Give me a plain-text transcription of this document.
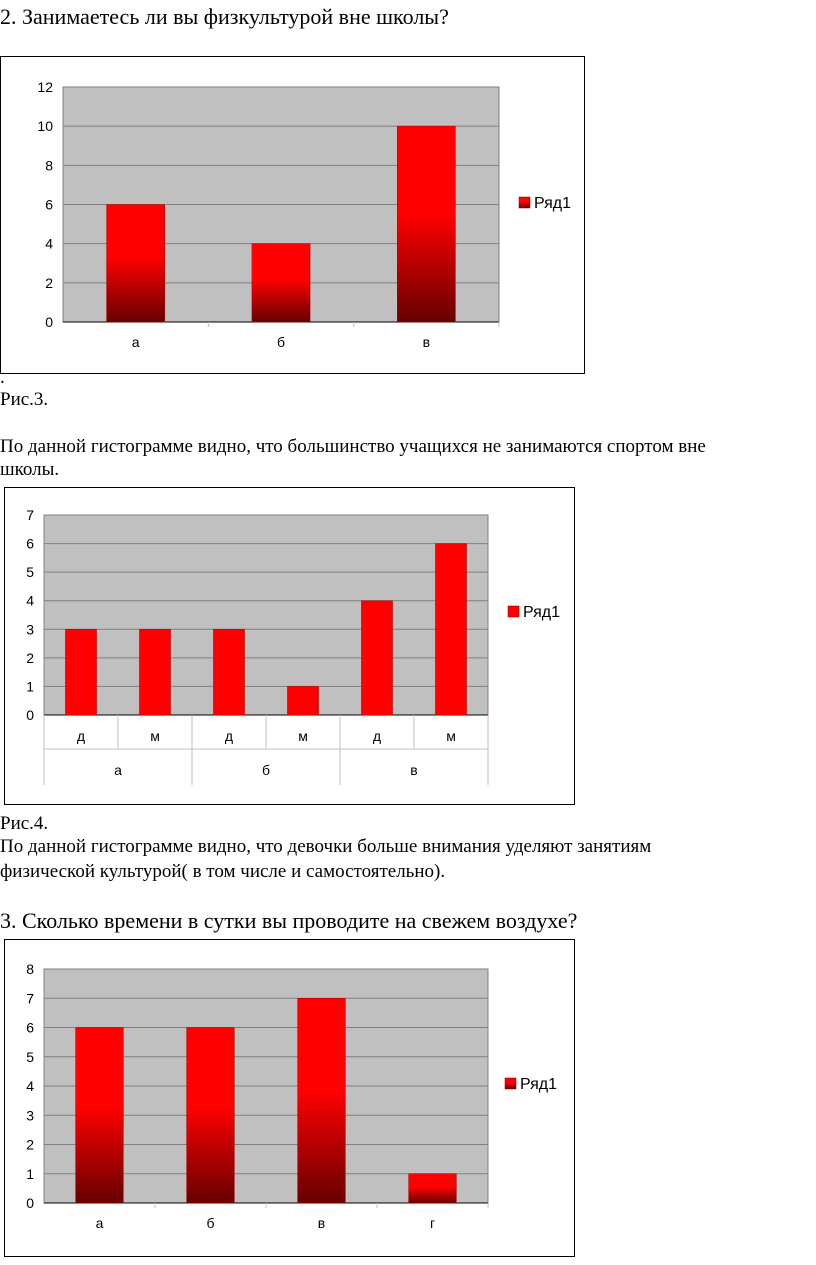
2. Занимаетесь ли вы физкультурой вне школы?
0
2
4
6
8
10
12
а	б	в
Ряд1
.
Рис.3.
По данной гистограмме видно, что большинство учащихся не занимаются спортом вне
школы.
0
1
2
3
4
5
6
7
д	м	д	м	д	м
а	б	в
Ряд1
Рис.4.
По данной гистограмме видно, что девочки больше внимания уделяют занятиям
физической культурой( в том числе и самостоятельно).
3. Сколько времени в сутки вы проводите на свежем воздухе?
0
1
2
3
4
5
6
7
8
а	б	в	г
Ряд1
